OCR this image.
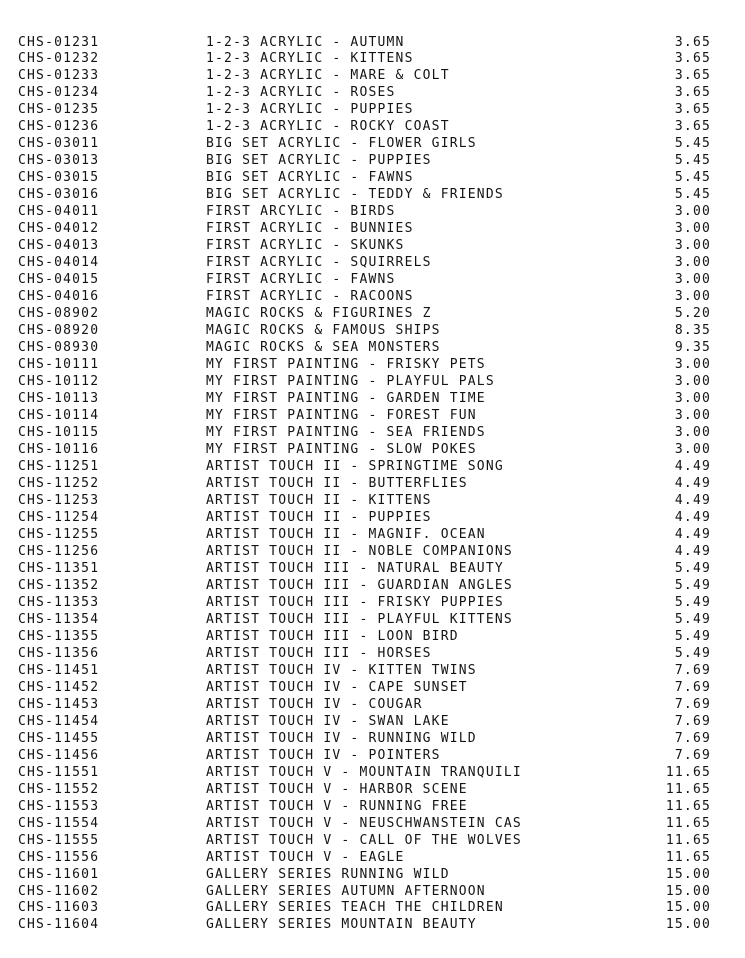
CHS-01231	1-2-3 ACRYLIC - AUTUMN	3.65
CHS-01232	1-2-3 ACRYLIC - KITTENS	3.65
CHS-01233	1-2-3 ACRYLIC - MARE & COLT	3.65
CHS-01234	1-2-3 ACRYLIC - ROSES	3.65
CHS-01235	1-2-3 ACRYLIC - PUPPIES	3.65
CHS-01236	1-2-3 ACRYLIC - ROCKY COAST	3.65
CHS-03011	BIG SET ACRYLIC - FLOWER GIRLS	5.45
CHS-03013	BIG SET ACRYLIC - PUPPIES	5.45
CHS-03015	BIG SET ACRYLIC - FAWNS	5.45
CHS-03016	BIG SET ACRYLIC - TEDDY & FRIENDS	5.45
CHS-04011	FIRST ARCYLIC - BIRDS	3.00
CHS-04012	FIRST ACRYLIC - BUNNIES	3.00
CHS-04013	FIRST ACRYLIC - SKUNKS	3.00
CHS-04014	FIRST ACRYLIC - SQUIRRELS	3.00
CHS-04015	FIRST ACRYLIC - FAWNS	3.00
CHS-04016	FIRST ACRYLIC - RACOONS	3.00
CHS-08902	MAGIC ROCKS & FIGURINES Z	5.20
CHS-08920	MAGIC ROCKS & FAMOUS SHIPS	8.35
CHS-08930	MAGIC ROCKS & SEA MONSTERS	9.35
CHS-10111	MY FIRST PAINTING - FRISKY PETS	3.00
CHS-10112	MY FIRST PAINTING - PLAYFUL PALS	3.00
CHS-10113	MY FIRST PAINTING - GARDEN TIME	3.00
CHS-10114	MY FIRST PAINTING - FOREST FUN	3.00
CHS-10115	MY FIRST PAINTING - SEA FRIENDS	3.00
CHS-10116	MY FIRST PAINTING - SLOW POKES	3.00
CHS-11251	ARTIST TOUCH II - SPRINGTIME SONG	4.49
CHS-11252	ARTIST TOUCH II - BUTTERFLIES	4.49
CHS-11253	ARTIST TOUCH II - KITTENS	4.49
CHS-11254	ARTIST TOUCH II - PUPPIES	4.49
CHS-11255	ARTIST TOUCH II - MAGNIF. OCEAN	4.49
CHS-11256	ARTIST TOUCH II - NOBLE COMPANIONS	4.49
CHS-11351	ARTIST TOUCH III - NATURAL BEAUTY	5.49
CHS-11352	ARTIST TOUCH III - GUARDIAN ANGLES	5.49
CHS-11353	ARTIST TOUCH III - FRISKY PUPPIES	5.49
CHS-11354	ARTIST TOUCH III - PLAYFUL KITTENS	5.49
CHS-11355	ARTIST TOUCH III - LOON BIRD	5.49
CHS-11356	ARTIST TOUCH III - HORSES	5.49
CHS-11451	ARTIST TOUCH IV - KITTEN TWINS	7.69
CHS-11452	ARTIST TOUCH IV - CAPE SUNSET	7.69
CHS-11453	ARTIST TOUCH IV - COUGAR	7.69
CHS-11454	ARTIST TOUCH IV - SWAN LAKE	7.69
CHS-11455	ARTIST TOUCH IV - RUNNING WILD	7.69
CHS-11456	ARTIST TOUCH IV - POINTERS	7.69
CHS-11551	ARTIST TOUCH V - MOUNTAIN TRANQUILI	11.65
CHS-11552	ARTIST TOUCH V - HARBOR SCENE	11.65
CHS-11553	ARTIST TOUCH V - RUNNING FREE	11.65
CHS-11554	ARTIST TOUCH V - NEUSCHWANSTEIN CAS	11.65
CHS-11555	ARTIST TOUCH V - CALL OF THE WOLVES	11.65
CHS-11556	ARTIST TOUCH V - EAGLE	11.65
CHS-11601	GALLERY SERIES RUNNING WILD	15.00
CHS-11602	GALLERY SERIES AUTUMN AFTERNOON	15.00
CHS-11603	GALLERY SERIES TEACH THE CHILDREN	15.00
CHS-11604	GALLERY SERIES MOUNTAIN BEAUTY	15.00
